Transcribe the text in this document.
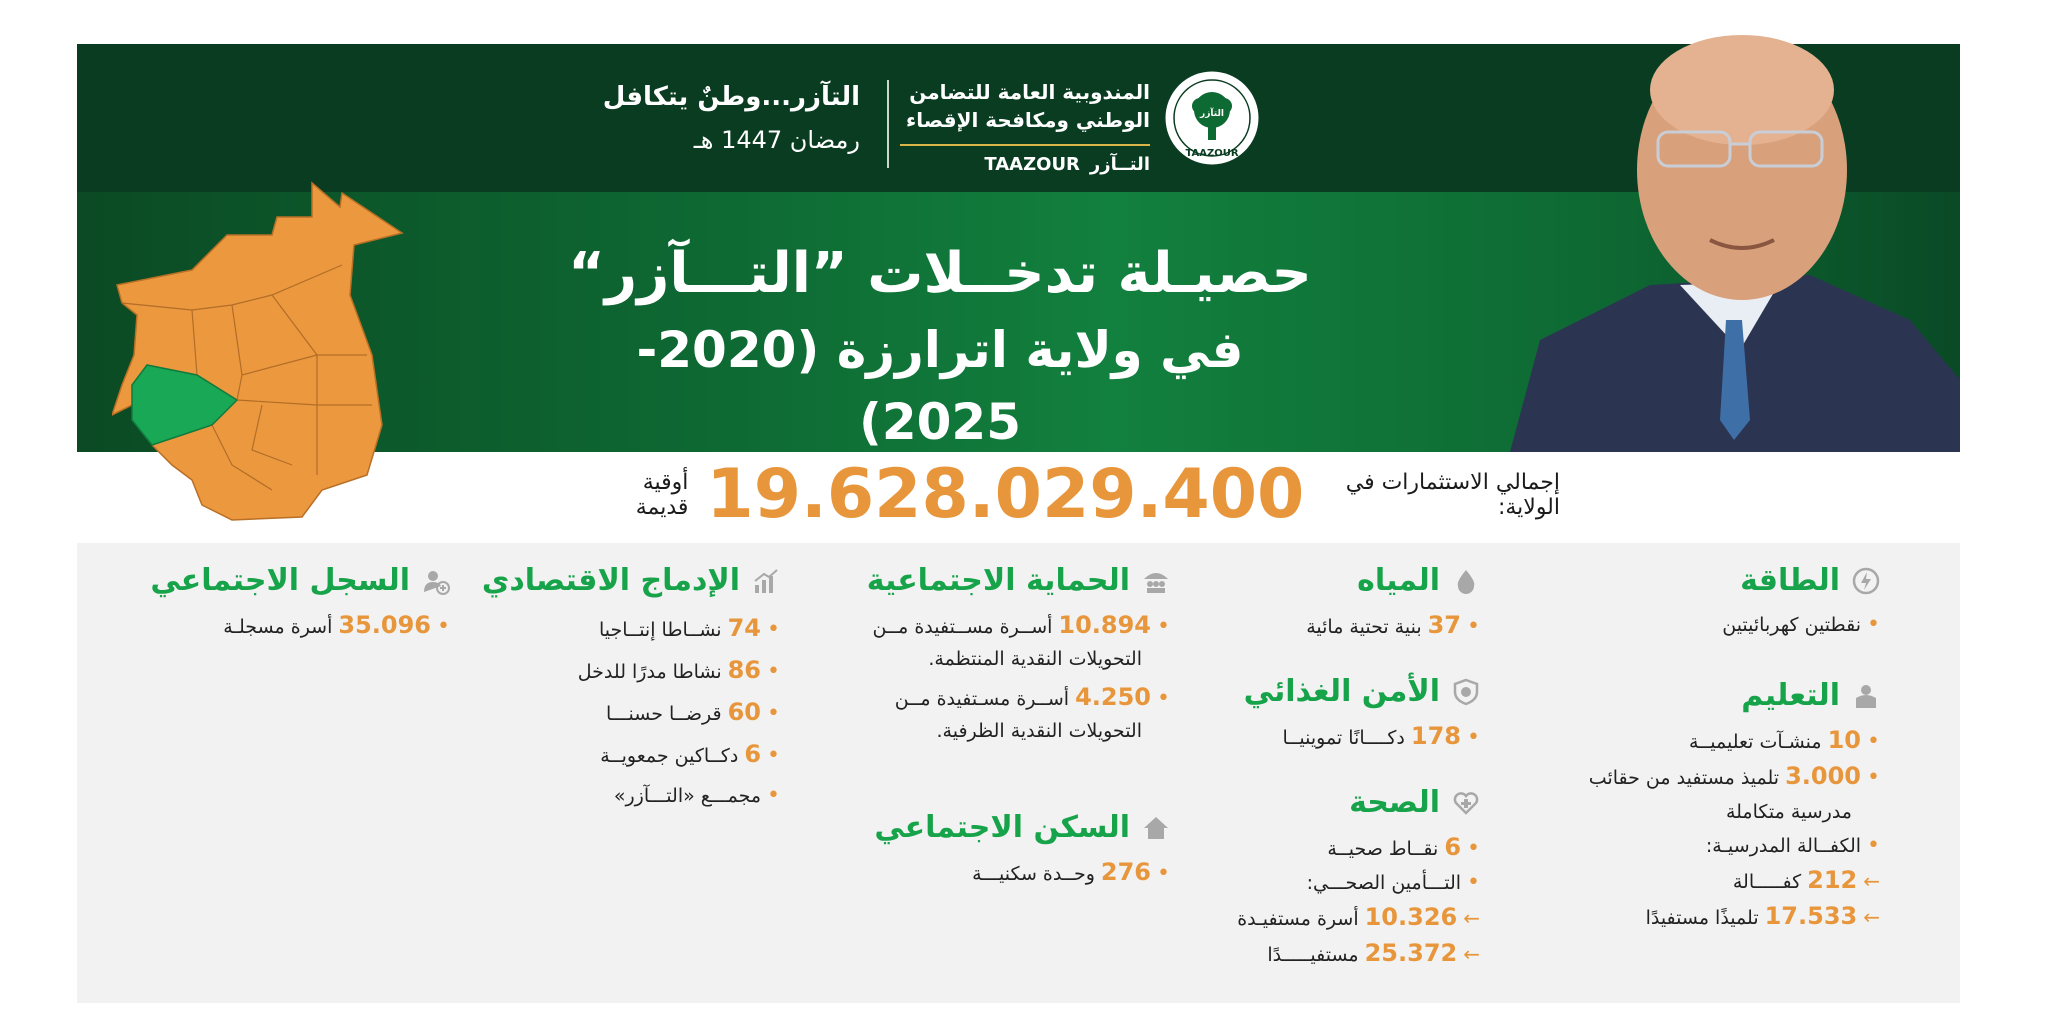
التآزر...وطنٌ يتكافل
رمضان 1447 هـ
المندوبية العامة للتضامن
الوطني ومكافحة الإقصاء
TAAZOUR التــآزر
TAAZOUR
التآزر
حصيـلة تدخــلات ”التـــآزر“
في ولاية اترارزة (2020-2025)
إجمالي الاستثمارات في الولاية:
19.628.029.400
أوقية قديمة
الطاقة
•
نقطتين كهربائيتين
التعليم
•
10
منشـآت تعليميــة
•
3.000
تلميذ مستفيد من حقائب
مدرسية متكاملة
•
الكفــالة المدرسيـة:
←
212
كفـــــالة
←
17.533
تلميذًا مستفيدًا
المياه
•
37
بنية تحتية مائية
الأمن الغذائي
•
178
دكــــانًا تموينيــا
الصحة
•
6
نقــاط صحيــة
•
التـــأمين الصحـــي:
←
10.326
أسرة مستفيـدة
←
25.372
مستفيـــــدًا
الحماية الاجتماعية
•
10.894
أســرة مســتفيدة مــن
التحويلات النقدية المنتظمة.
•
4.250
أســرة مسـتفيدة مــن
التحويلات النقدية الظرفية.
السكن الاجتماعي
•
276
وحــدة سكنيـــة
الإدماج الاقتصادي
•
74
نشــاطا إنتــاجيا
•
86
نشاطا مدرًا للدخل
•
60
قرضــا حسنـــا
•
6
دكــاكين جمعويــة
•
مجمـــع «التـــآزر»
السجل الاجتماعي
•
35.096
أسرة مسجلـة
